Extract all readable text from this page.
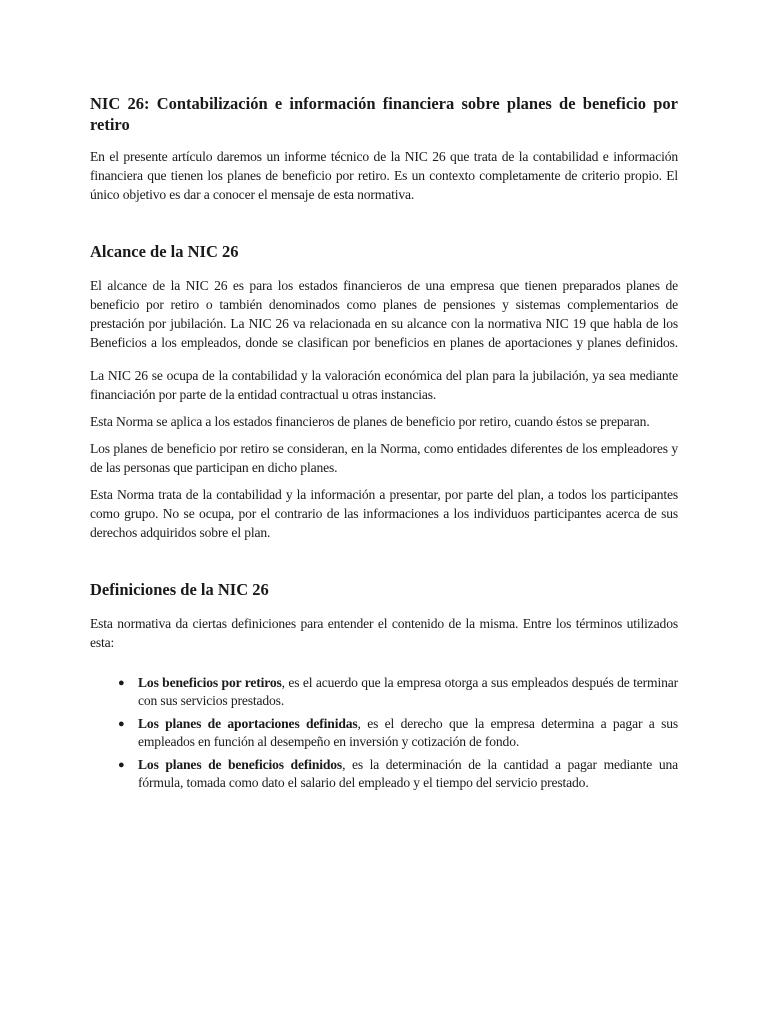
NIC 26: Contabilización e información financiera sobre planes de beneficio por retiro

En el presente artículo daremos un informe técnico de la NIC 26 que trata de la contabilidad e información financiera que tienen los planes de beneficio por retiro. Es un contexto completamente de criterio propio. El único objetivo es dar a conocer el mensaje de esta normativa.

Alcance de la NIC 26

El alcance de la NIC 26 es para los estados financieros de una empresa que tienen preparados planes de beneficio por retiro o también denominados como planes de pensiones y sistemas complementarios de prestación por jubilación. La NIC 26 va relacionada en su alcance con la normativa NIC 19 que habla de los Beneficios a los empleados, donde se clasifican por beneficios en planes de aportaciones y planes definidos.

La NIC 26 se ocupa de la contabilidad y la valoración económica del plan para la jubilación, ya sea mediante financiación por parte de la entidad contractual u otras instancias.

Esta Norma se aplica a los estados financieros de planes de beneficio por retiro, cuando éstos se preparan.

Los planes de beneficio por retiro se consideran, en la Norma, como entidades diferentes de los empleadores y de las personas que participan en dicho planes.

Esta Norma trata de la contabilidad y la información a presentar, por parte del plan, a todos los participantes como grupo. No se ocupa, por el contrario de las informaciones a los individuos participantes acerca de sus derechos adquiridos sobre el plan.

Definiciones de la NIC 26

Esta normativa da ciertas definiciones para entender el contenido de la misma. Entre los términos utilizados esta:

● Los beneficios por retiros, es el acuerdo que la empresa otorga a sus empleados después de terminar con sus servicios prestados.
● Los planes de aportaciones definidas, es el derecho que la empresa determina a pagar a sus empleados en función al desempeño en inversión y cotización de fondo.
● Los planes de beneficios definidos, es la determinación de la cantidad a pagar mediante una fórmula, tomada como dato el salario del empleado y el tiempo del servicio prestado.
